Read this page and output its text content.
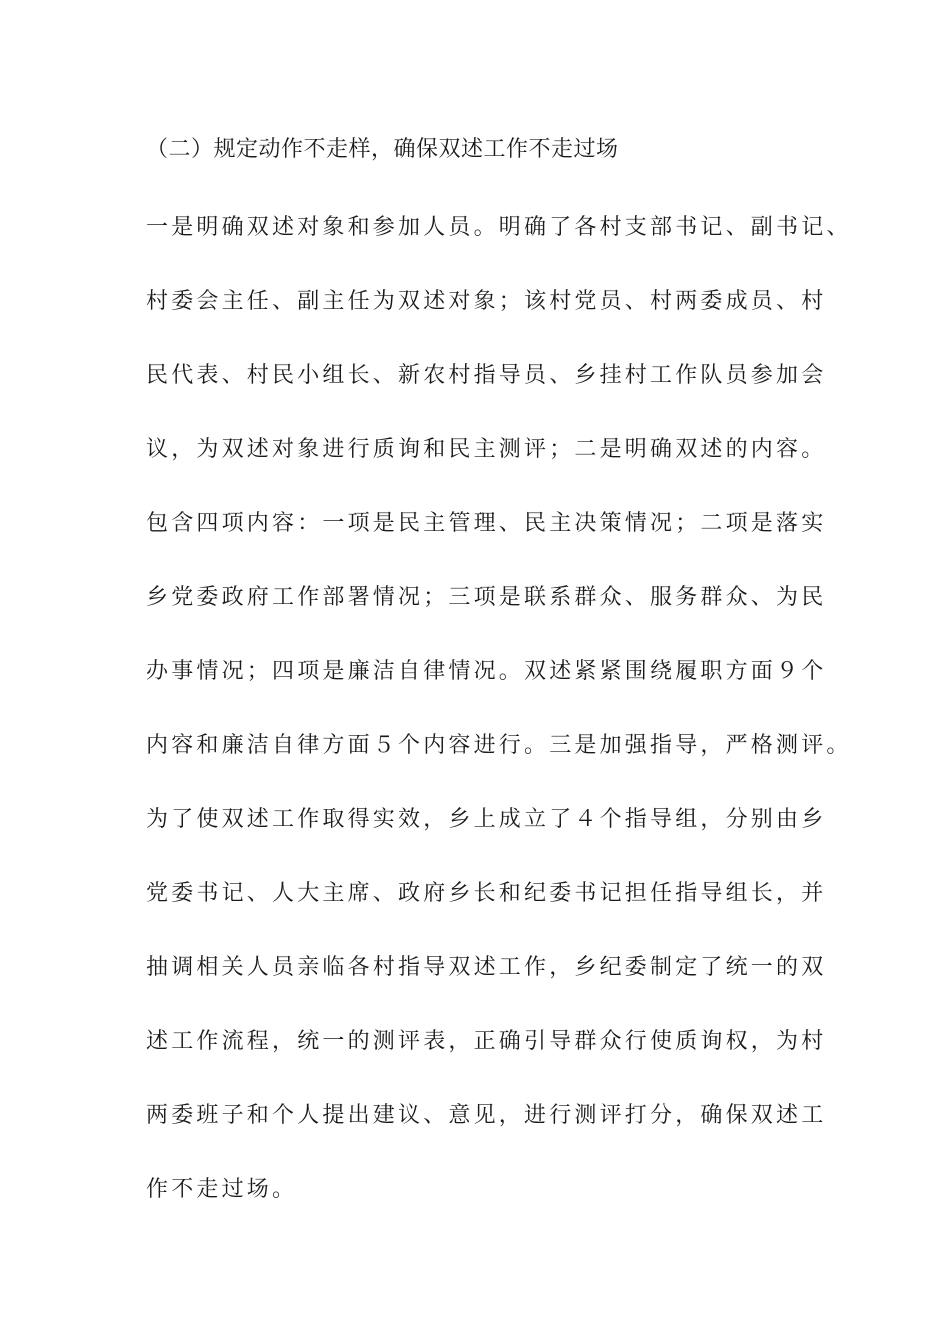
（二）规定动作不走样，确保双述工作不走过场
一是明确双述对象和参加人员。明确了各村支部书记、副书记、
村委会主任、副主任为双述对象；该村党员、村两委成员、村
民代表、村民小组长、新农村指导员、乡挂村工作队员参加会
议，为双述对象进行质询和民主测评；二是明确双述的内容。
包含四项内容：一项是民主管理、民主决策情况；二项是落实
乡党委政府工作部署情况；三项是联系群众、服务群众、为民
办事情况；四项是廉洁自律情况。双述紧紧围绕履职方面９个
内容和廉洁自律方面５个内容进行。三是加强指导，严格测评。
为了使双述工作取得实效，乡上成立了４个指导组，分别由乡
党委书记、人大主席、政府乡长和纪委书记担任指导组长，并
抽调相关人员亲临各村指导双述工作，乡纪委制定了统一的双
述工作流程，统一的测评表，正确引导群众行使质询权，为村
两委班子和个人提出建议、意见，进行测评打分，确保双述工
作不走过场。
